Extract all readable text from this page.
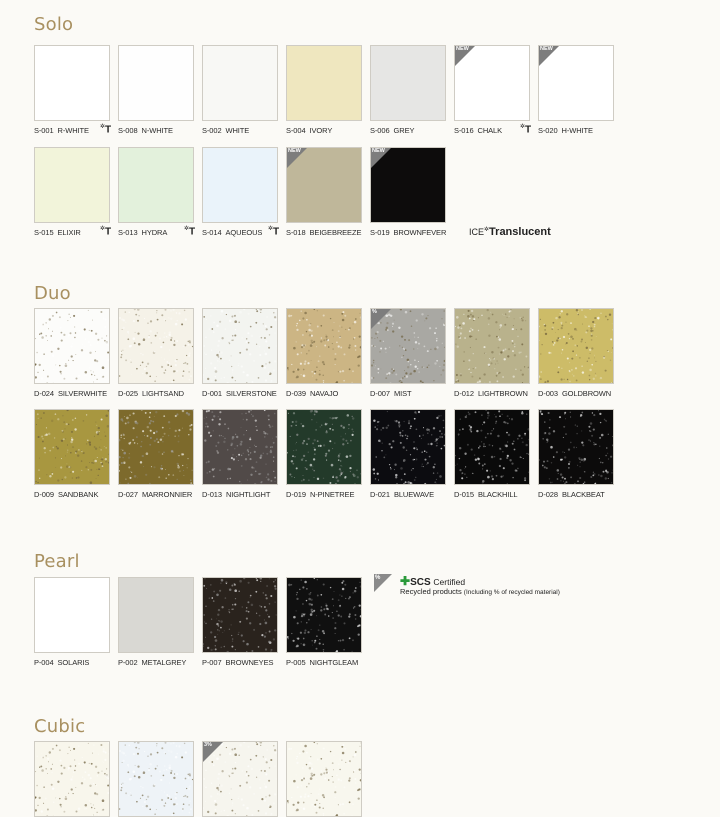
Solo
Duo
Pearl
Cubic
S-001 R-WHITE ✲T S-008 N-WHITE	S-002 WHITE	S-004 IVORY	S-006 GREY
NEW
S-016 CHALK	✲T
NEW
S-020 H-WHITE
S-015 ELIXIR	✲T S-013 HYDRA	✲T S-014 AQUEOUS ✲T
NEW
S-018 BEIGEBREEZE
NEW
S-019 BROWNFEVER
D-024 SILVERWHITE D-025 LIGHTSAND D-001 SILVERSTONE D-039 NAVAJO
%
D-007 MIST	D-012 LIGHTBROWN D-003 GOLDBROWN
D-009 SANDBANK	D-027 MARRONNIER D-013 NIGHTLIGHT D-019 N-PINETREE D-021 BLUEWAVE	D-015 BLACKHILL	D-028 BLACKBEAT
P-004 SOLARIS	P-002 METALGREY P-007 BROWNEYES P-005 NIGHTGLEAM
3%
ICE✲Translucent
% ✚SCS Certified
Recycled products (Including % of recycled material)
